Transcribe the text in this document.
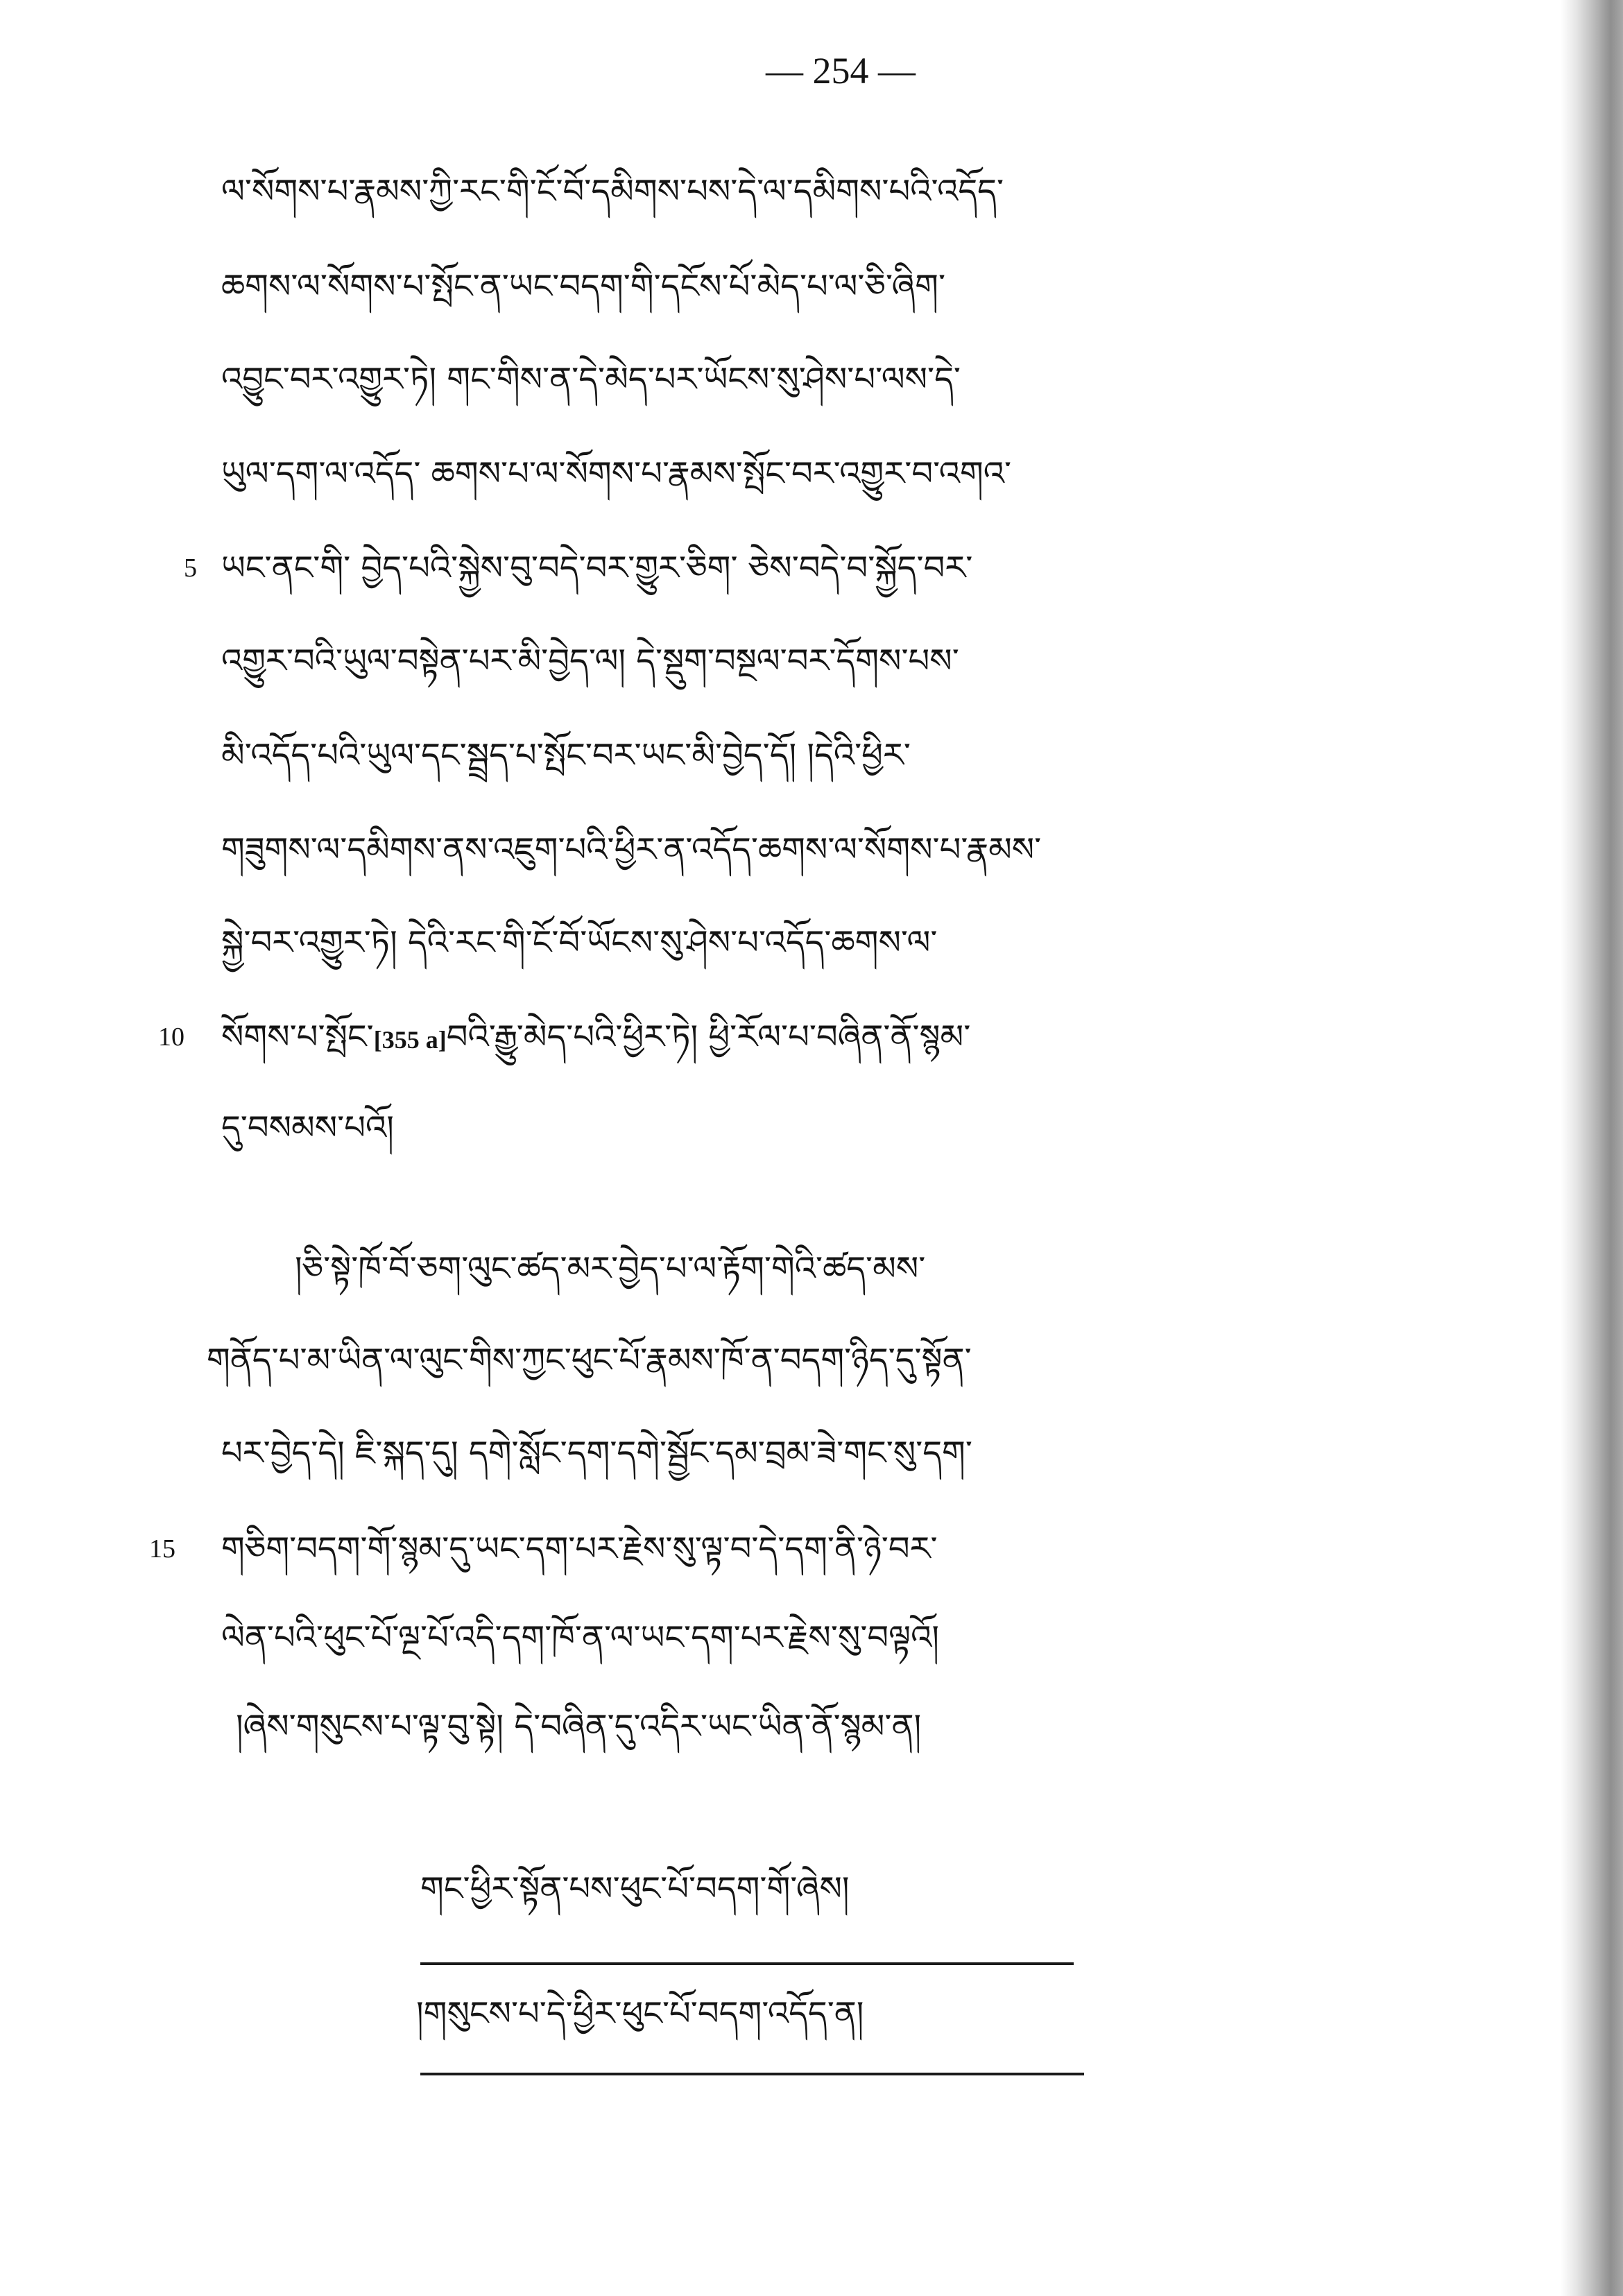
— 254 —
ལ་སོགས་པ་རྣམས་ཀྱི་རང་གི་ངོ་བོ་དམིགས་པས་དེ་ལ་དམིགས་པའི་འདོད་
ཆགས་ལ་སོགས་པ་སྤོང་ན་ཡང་བདག་གི་དངོས་པོ་མེད་པ་ལ་ཅི་ཞིག་
འབྱུང་བར་འགྱུར་ཏེ། གང་གིས་ན་དེ་མེད་པར་ཡོངས་སུ་ཤེས་པ་ལས་དེ་
ཡུལ་དག་ལ་འདོད་ ཆགས་པ་ལ་སོགས་པ་རྣམས་སྤོང་བར་འགྱུར་བ་འགའ་
5 ཡང་ནང་གི་ བྱེད་པའི་སྐྱེས་བུ་བདེ་བར་གྱུར་ཅིག་ ཅེས་བདེ་བ་སྐྱོད་བར་
འགྱུར་བའི་ཡུལ་བསྟེན་པར་མི་བྱེད་ལ། དེ་སྡུག་བསྔལ་བར་དོགས་པས་
མི་འདོད་པའི་ཡུལ་དང་སྦྲད་པ་སྤོང་བར་ཡང་མི་བྱེད་དོ། །དེའི་ཕྱིར་
གཟུགས་ལ་དམིགས་ནས་འཇུག་པའི་ཕྱིར་ན་འདོད་ཆགས་ལ་སོགས་པ་རྣམས་
སྐྱེ་བར་འགྱུར་ཏེ། དེའི་རང་གི་ངོ་བོ་ཡོངས་སུ་ཤེས་པ་འདོད་ཆགས་ལ་
10 སོགས་པ་སྤོང་[355 a]བའི་རྒྱུ་མེད་པའི་ཕྱིར་ཏེ། ཕྱི་རོལ་པ་བཞིན་ནོ་སྙམ་
དུ་བསམས་པའོ།
།ཅི་སྟེ་ཁོ་བོ་ཅག་ལུང་ཚད་མར་བྱེད་པ་ལ་རྟོག་གེའི་ཚད་མས་
གནོད་པ་མ་ཡིན་ལ་ལུང་གིས་ཀྱང་ཕུང་པོ་རྣམས་ཁོ་ན་བདག་ཉིད་དུ་སྟོན་
པར་བྱེད་དེ། ཇི་སྐད་དུ། དགེ་སློང་དག་དགེ་སྦྱོང་དམ་བྲམ་ཟེ་གང་སུ་དག་
15 གཅིག་བདག་གོ་སྙམ་དུ་ཡང་དག་པར་རྗེས་སུ་ལྟ་བ་དེ་དག་ནི་ཉེ་བར་
ལེན་པའི་ཕུང་པོ་ལྔ་པོ་འདི་དག་ཁོ་ན་ལ་ཡང་དག་པར་རྗེས་སུ་བལྟའོ།
།ཞེས་གསུངས་པ་ལྟ་བུ་སྟེ། དེ་བཞིན་དུ་འདིར་ཡང་ཡིན་ནོ་སྙམ་ན།
གང་ཕྱིར་སྟོན་པས་ཕུང་པོ་བདག་གོ་ཞེས།
།གསུངས་པ་དེ་ཕྱིར་ཕུང་པོ་བདག་འདོད་ན།
